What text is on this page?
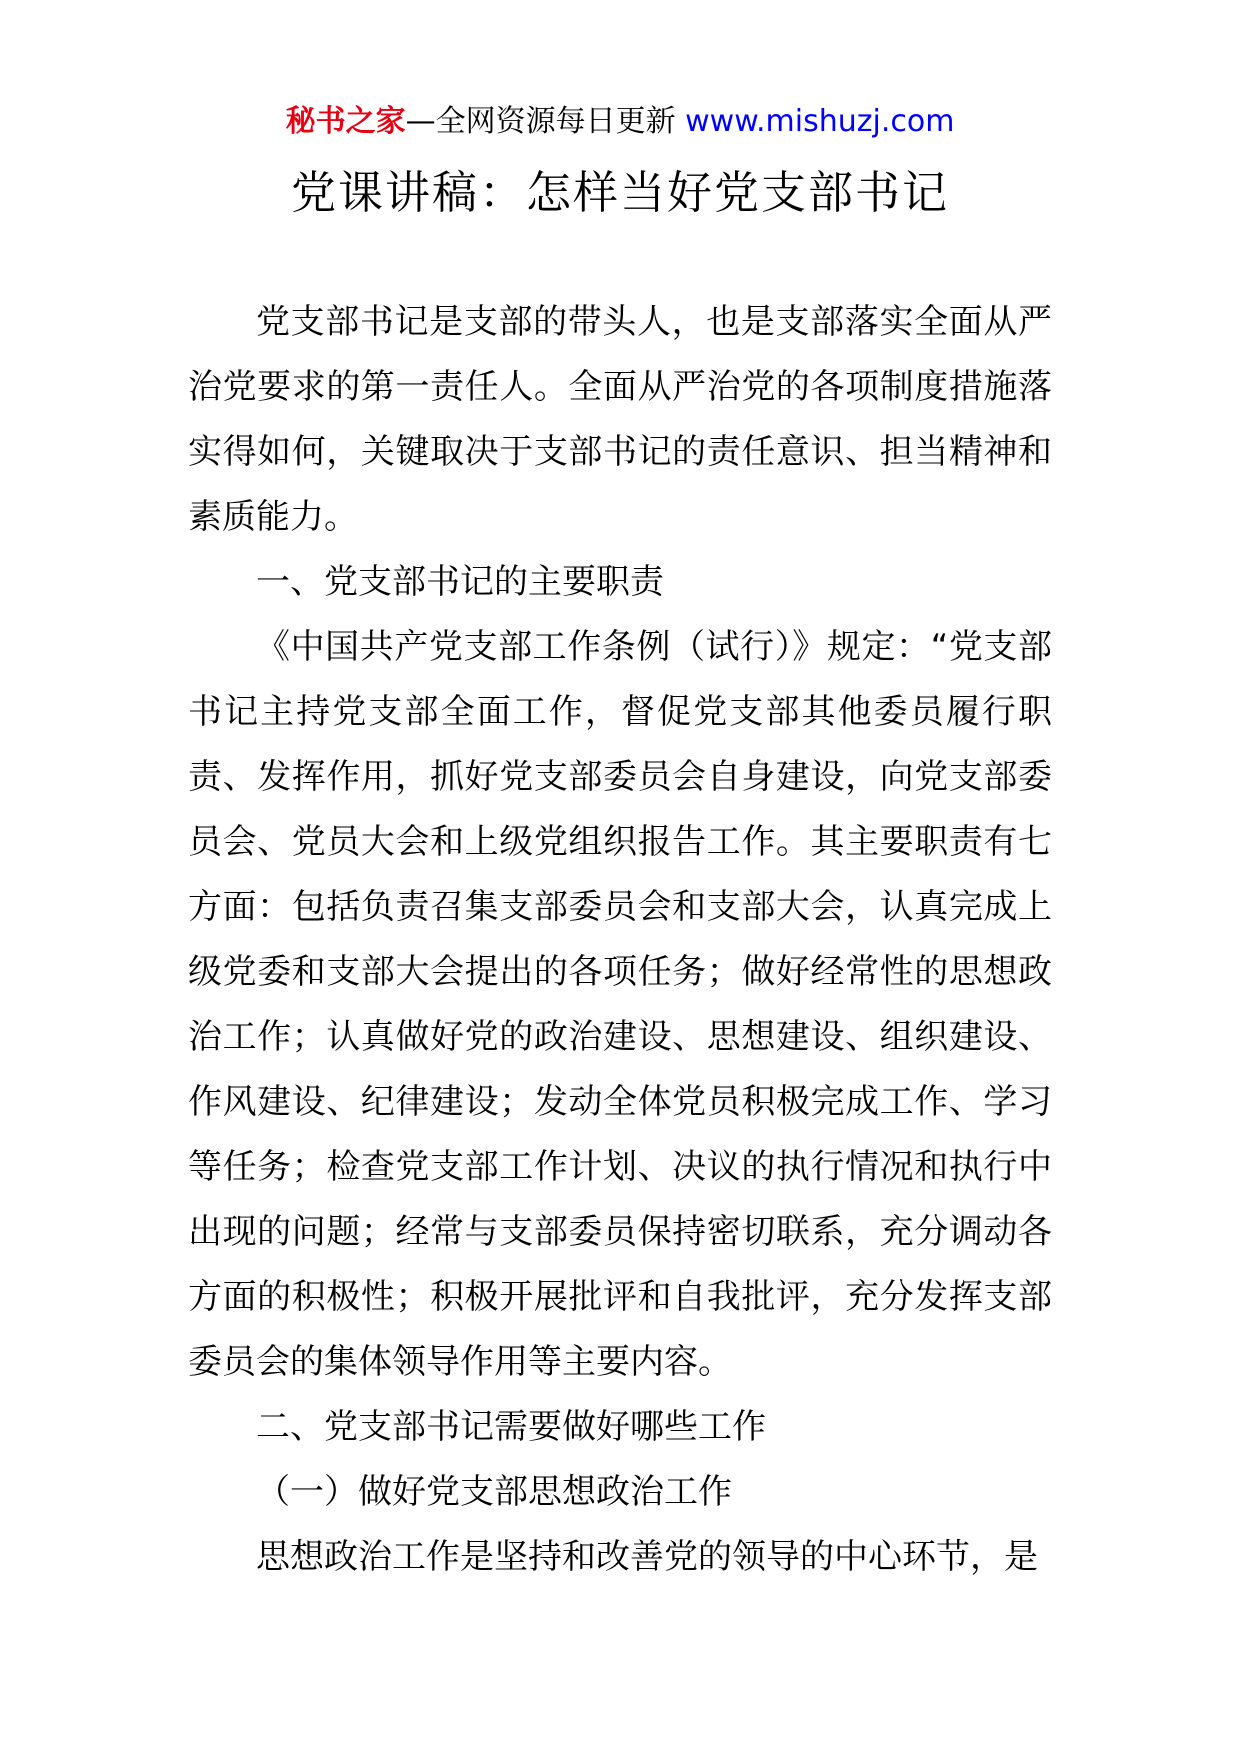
秘书之家—全网资源每日更新 www.mishuzj.com
党课讲稿：怎样当好党支部书记

党支部书记是支部的带头人，也是支部落实全面从严治党要求的第一责任人。全面从严治党的各项制度措施落实得如何，关键取决于支部书记的责任意识、担当精神和素质能力。

一、党支部书记的主要职责

《中国共产党支部工作条例（试行）》规定：“党支部书记主持党支部全面工作，督促党支部其他委员履行职责、发挥作用，抓好党支部委员会自身建设，向党支部委员会、党员大会和上级党组织报告工作。其主要职责有七方面：包括负责召集支部委员会和支部大会，认真完成上级党委和支部大会提出的各项任务；做好经常性的思想政治工作；认真做好党的政治建设、思想建设、组织建设、作风建设、纪律建设；发动全体党员积极完成工作、学习等任务；检查党支部工作计划、决议的执行情况和执行中出现的问题；经常与支部委员保持密切联系，充分调动各方面的积极性；积极开展批评和自我批评，充分发挥支部委员会的集体领导作用等主要内容。

二、党支部书记需要做好哪些工作

（一）做好党支部思想政治工作

思想政治工作是坚持和改善党的领导的中心环节，是
